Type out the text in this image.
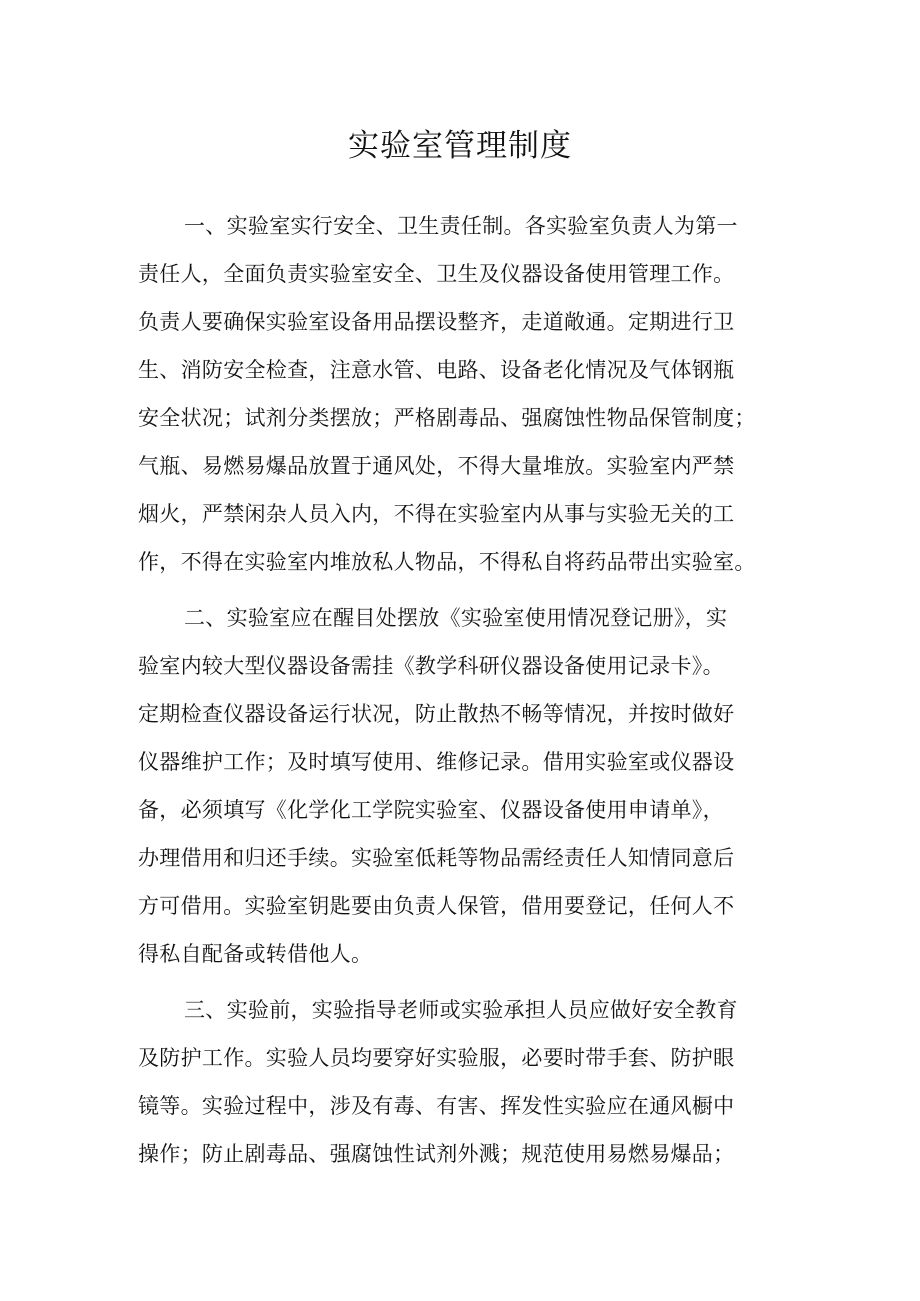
实验室管理制度
一、实验室实行安全、卫生责任制。各实验室负责人为第一
责任人，全面负责实验室安全、卫生及仪器设备使用管理工作。
负责人要确保实验室设备用品摆设整齐，走道敞通。定期进行卫
生、消防安全检查，注意水管、电路、设备老化情况及气体钢瓶
安全状况；试剂分类摆放；严格剧毒品、强腐蚀性物品保管制度；
气瓶、易燃易爆品放置于通风处，不得大量堆放。实验室内严禁
烟火，严禁闲杂人员入内，不得在实验室内从事与实验无关的工
作，不得在实验室内堆放私人物品，不得私自将药品带出实验室。
二、实验室应在醒目处摆放《实验室使用情况登记册》，实
验室内较大型仪器设备需挂《教学科研仪器设备使用记录卡》。
定期检查仪器设备运行状况，防止散热不畅等情况，并按时做好
仪器维护工作；及时填写使用、维修记录。借用实验室或仪器设
备，必须填写《化学化工学院实验室、仪器设备使用申请单》，
办理借用和归还手续。实验室低耗等物品需经责任人知情同意后
方可借用。实验室钥匙要由负责人保管，借用要登记，任何人不
得私自配备或转借他人。
三、实验前，实验指导老师或实验承担人员应做好安全教育
及防护工作。实验人员均要穿好实验服，必要时带手套、防护眼
镜等。实验过程中，涉及有毒、有害、挥发性实验应在通风橱中
操作；防止剧毒品、强腐蚀性试剂外溅；规范使用易燃易爆品；
